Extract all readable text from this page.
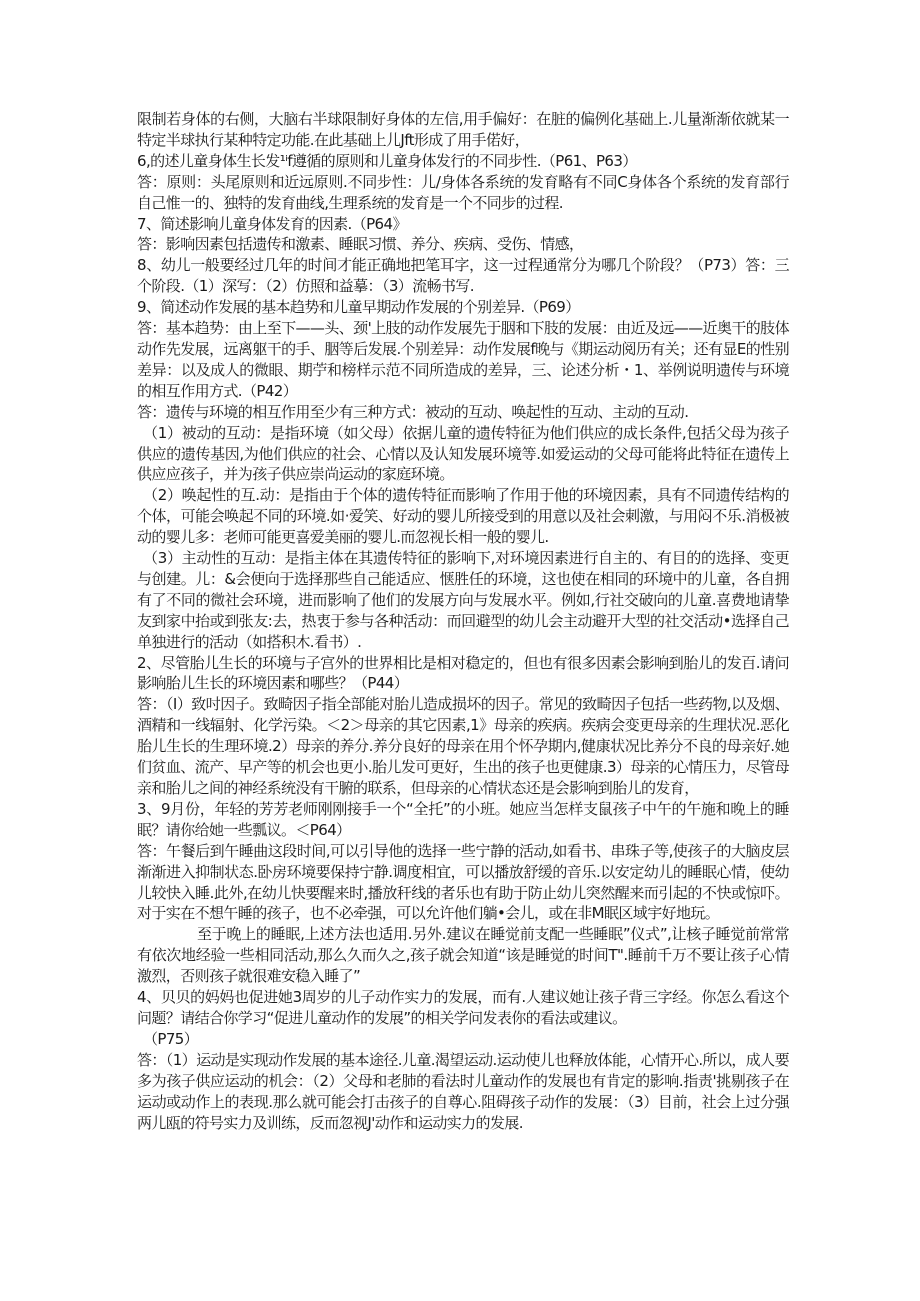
限制若身体的右侧，大脑右半球限制好身体的左信,用手偏好：在脏的偏例化基础上.儿量渐渐依就某一特定半球执行某种特定功能.在此基础上儿Jft形成了用手偌好，

6,的述儿童身体生长发¹ⁱf遵循的原则和儿童身体发行的不同步性.（P61、P63）

答：原则：头尾原则和近远原则.不同步性：儿/身体各系统的发育略有不同C身体各个系统的发育部行自己惟一的、独特的发育曲线,生理系统的发育是一个不同步的过程.

7、简述影响儿童身体发育的因素.（P64》

答：影响因素包括遗传和激素、睡眠习惯、养分、疾病、受伤、情感，

8、幼儿一般要经过几年的时间才能正确地把笔耳字，这一过程通常分为哪几个阶段？（P73）答：三个阶段.（1）深写：（2）仿照和益摹：（3）流畅书写.

9、简述动作发展的基本趋势和儿童早期动作发展的个别差异.（P69）

答：基本趋势：由上至下——头、颈'上肢的动作发展先于胭和下肢的发展：由近及远——近奥干的肢体动作先发展，远离躯干的手、胭等后发展.个别差异：动作发展f晚与《期运动阅历有关；还有显E的性别差异：以及成人的微眼、期苧和榜样示范不同所造成的差异，三、论述分析・1、举例说明遗传与环境的相互作用方式.（P42）

答：遗传与环境的相互作用至少有三种方式：被动的互动、唤起性的互动、主动的互动.

（1）被动的互动：是指环境（如父母）依据儿童的遗传特征为他们供应的成长条件,包括父母为孩子供应的遗传基因,为他们供应的社会、心情以及认知发展环境等.如爱运动的父母可能将此特征在遗传上供应应孩子，并为孩子供应崇尚运动的家庭环境。

（2）唤起性的互.动：是指由于个体的遗传特征而影响了作用于他的环境因素，具有不同遗传结构的个体，可能会唤起不同的环境.如·爱笑、好动的婴儿所接受到的用意以及社会刺激，与用闷不乐.消极被动的婴儿多：老师可能更喜爱美丽的婴儿.而忽视长相一般的婴儿.

（3）主动性的互动：是指主体在其遗传特征的影响下,对环境因素进行自主的、有目的的选择、变更与创建。儿：&会便向于选择那些自己能适应、惬胜任的环境，这也使在相同的环境中的儿童，各自拥有了不同的微社会环境，进而影响了他们的发展方向与发展水平。例如,行社交破向的儿童.喜费地请挚友到家中抬或到张友:去，热衷于参与各种活动：而回避型的幼儿会主动避开大型的社交活动•选择自己单独进行的活动（如搭积木.看书）.

2、尽管胎儿生长的环境与子宫外的世界相比是相对稳定的，但也有很多因素会影响到胎儿的发百.请问影响胎儿生长的环境因素和哪些？（P44）

答：（I）致吋因子。致畸因子指全部能对胎儿造成损坏的因子。常见的致畸因子包括一些药物,以及烟、酒精和一线辐射、化学污染。＜2＞母亲的其它因素,1》母亲的疾病。疾病会变更母亲的生理状况.恶化胎儿生长的生理环境.2）母亲的养分.养分良好的母亲在用个怀孕期内,健康状况比养分不良的母亲好.她们贫血、流产、早产等的机会也更小.胎儿发可更好，生出的孩子也更健康.3）母亲的心情压力，尽管母亲和胎儿之间的神经系统没有干腑的联系，但母亲的心情状态还是会影响到胎儿的发育，

3、9月份，年轻的芳芳老师刚刚接手一个“全托”的小班。她应当怎样支鼠孩子中午的午施和晚上的睡眠？请你给她一些瓢议。＜P64）

答：午餐后到午睡曲这段时间,可以引导他的选择一些宁静的活动,如看书、串珠子等,使孩子的大脑皮层渐渐进入抑制状态.卧房环境要保持宁静.调度相宜，可以播放舒缓的音乐.以安定幼儿的睡眠心情，使幼儿较快入睡.此外,在幼儿快要醒来时,播放秆线的者乐也有助于防止幼儿突然醒来而引起的不快或惊吓。对于实在不想午睡的孩子，也不必牵强，可以允许他们躺•会儿，或在非M眠区域宇好地玩。

至于晚上的睡眠,上述方法也适用.另外.建议在睡觉前支配一些睡眠”仪式”,让核子睡觉前常常有依次地经验一些相同活动,那么久而久之,孩子就会知道“该是睡觉的时间T".睡前千万不要让孩子心情激烈，否则孩子就很难安稳入睡了”

4、贝贝的妈妈也促进她3周岁的儿子动作实力的发展，而有.人建议她让孩子背三字经。你怎么看这个问题？请结合你学习“促进儿童动作的发展”的相关学问发表你的看法或建议。

（P75）

答：（1）运动是实现动作发展的基本途径.儿童.渴望运动.运动使儿也释放体能，心情开心.所以，成人要多为孩子供应运动的机会：（2）父母和老肺的看法时儿童动作的发展也有肯定的影响.指责'挑剔孩子在运动或动作上的表现.那么就可能会打击孩子的自尊心.阻碍孩子动作的发展：（3）目前，社会上过分强两儿瓯的符号实力及训练，反而忽视J'动作和运动实力的发展.
